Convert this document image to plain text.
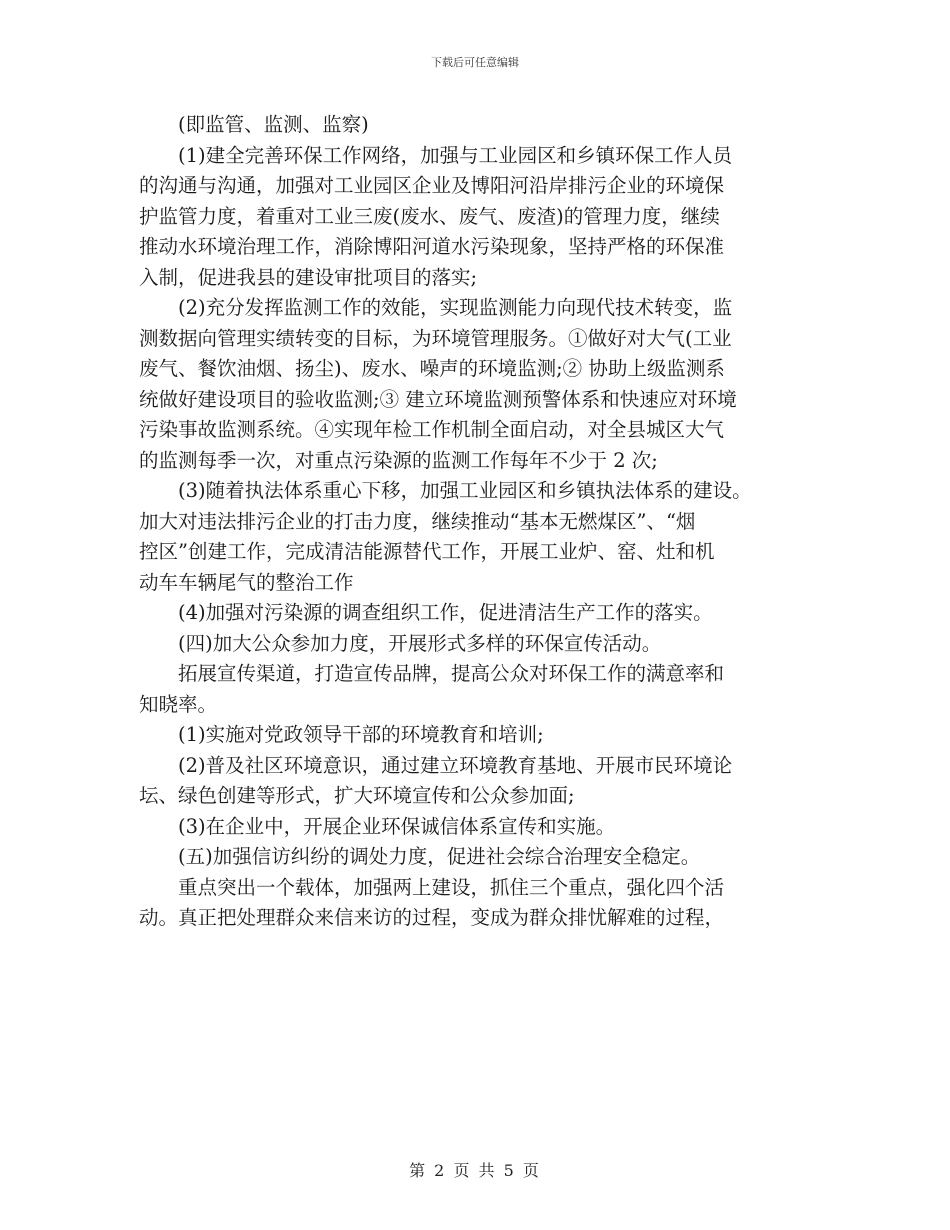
下载后可任意编辑

　　(即监管、监测、监察)

　　(1)建全完善环保工作网络，加强与工业园区和乡镇环保工作人员

的沟通与沟通，加强对工业园区企业及博阳河沿岸排污企业的环境保

护监管力度，着重对工业三废(废水、废气、废渣)的管理力度，继续

推动水环境治理工作，消除博阳河道水污染现象，坚持严格的环保准

入制，促进我县的建设审批项目的落实;

　　(2)充分发挥监测工作的效能，实现监测能力向现代技术转变，监

测数据向管理实绩转变的目标，为环境管理服务。①做好对大气(工业

废气、餐饮油烟、扬尘)、废水、噪声的环境监测;② 协助上级监测系

统做好建设项目的验收监测;③ 建立环境监测预警体系和快速应对环境

污染事故监测系统。④实现年检工作机制全面启动，对全县城区大气

的监测每季一次，对重点污染源的监测工作每年不少于 2 次;

　　(3)随着执法体系重心下移，加强工业园区和乡镇执法体系的建设。

加大对违法排污企业的打击力度，继续推动“基本无燃煤区”、“烟

控区”创建工作，完成清洁能源替代工作，开展工业炉、窑、灶和机

动车车辆尾气的整治工作

　　(4)加强对污染源的调查组织工作，促进清洁生产工作的落实。

　　(四)加大公众参加力度，开展形式多样的环保宣传活动。

　　拓展宣传渠道，打造宣传品牌，提高公众对环保工作的满意率和

知晓率。

　　(1)实施对党政领导干部的环境教育和培训;

　　(2)普及社区环境意识，通过建立环境教育基地、开展市民环境论

坛、绿色创建等形式，扩大环境宣传和公众参加面;

　　(3)在企业中，开展企业环保诚信体系宣传和实施。

　　(五)加强信访纠纷的调处力度，促进社会综合治理安全稳定。

　　重点突出一个载体，加强两上建设，抓住三个重点，强化四个活

动。真正把处理群众来信来访的过程，变成为群众排忧解难的过程，

第 2 页 共 5 页
